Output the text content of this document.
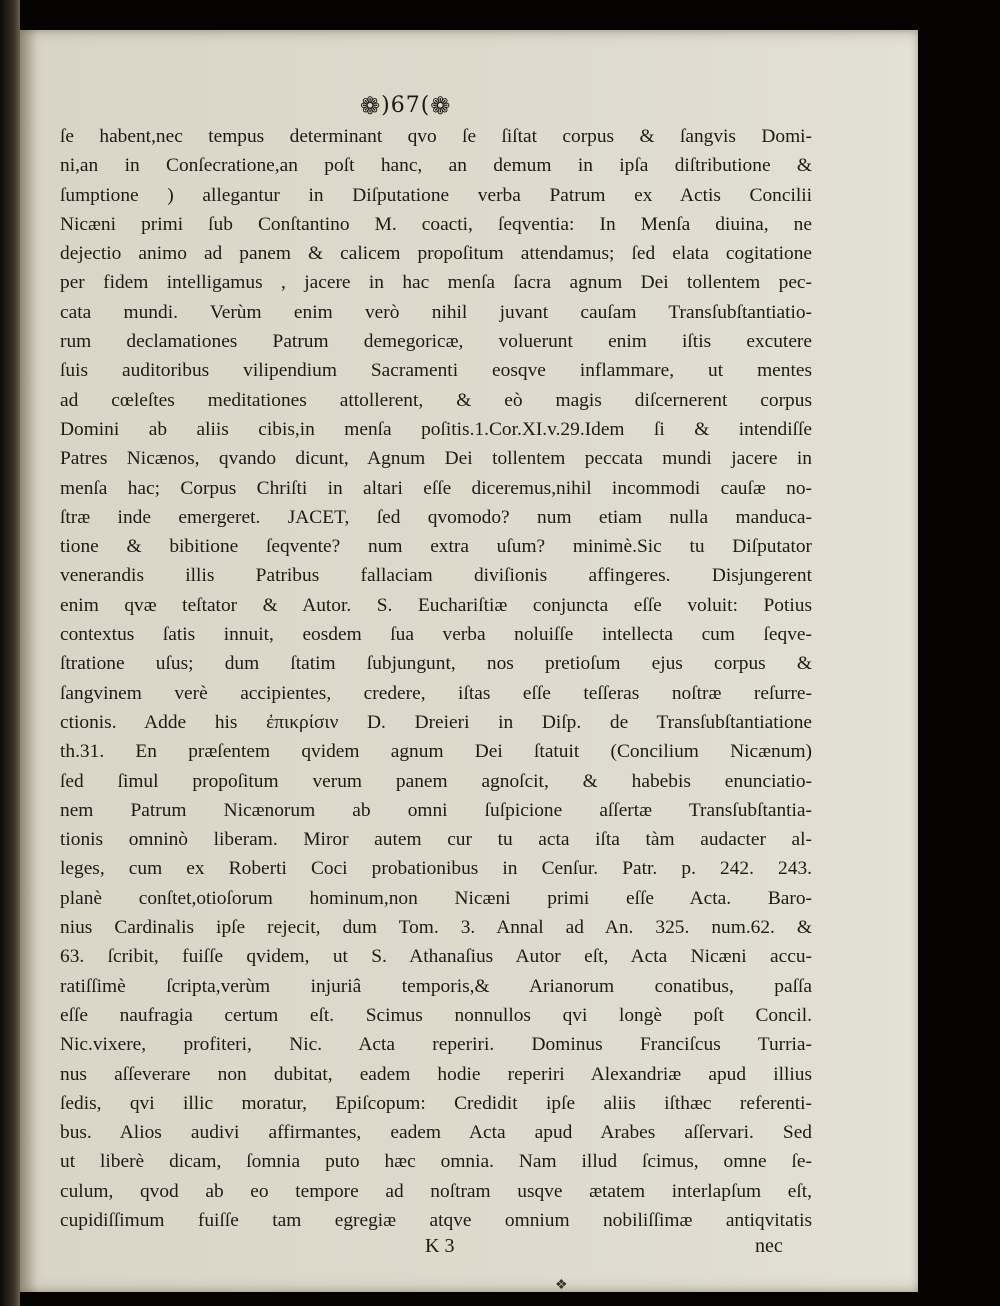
❁)67(❁
ſe habent,nec tempus determinant qvo ſe ſiſtat corpus & ſangvis Domi-
ni,an in Conſecratione,an poſt hanc, an demum in ipſa diſtributione &
ſumptione ) allegantur in Diſputatione verba Patrum ex Actis Concilii
Nicæni primi ſub Conſtantino M. coacti, ſeqventia: In Menſa diuina, ne
dejectio animo ad panem & calicem propoſitum attendamus; ſed elata cogitatione
per fidem intelligamus , jacere in hac menſa ſacra agnum Dei tollentem pec-
cata mundi. Verùm enim verò nihil juvant cauſam Transſubſtantiatio-
rum declamationes Patrum demegoricæ, voluerunt enim iſtis excutere
ſuis auditoribus vilipendium Sacramenti eosqve inflammare, ut mentes
ad cœleſtes meditationes attollerent, & eò magis diſcernerent corpus
Domini ab aliis cibis,in menſa poſitis.1.Cor.XI.v.29.Idem ſi & intendiſſe
Patres Nicænos, qvando dicunt, Agnum Dei tollentem peccata mundi jacere in
menſa hac; Corpus Chriſti in altari eſſe diceremus,nihil incommodi cauſæ no-
ſtræ inde emergeret. JACET, ſed qvomodo? num etiam nulla manduca-
tione & bibitione ſeqvente? num extra uſum? minimè.Sic tu Diſputator
venerandis illis Patribus fallaciam diviſionis affingeres. Disjungerent
enim qvæ teſtator & Autor. S. Euchariſtiæ conjuncta eſſe voluit: Potius
contextus ſatis innuit, eosdem ſua verba noluiſſe intellecta cum ſeqve-
ſtratione uſus; dum ſtatim ſubjungunt, nos pretioſum ejus corpus &
ſangvinem verè accipientes, credere, iſtas eſſe teſſeras noſtræ reſurre-
ctionis. Adde his ἐπικρίσιν D. Dreieri in Diſp. de Transſubſtantiatione
th.31. En præſentem qvidem agnum Dei ſtatuit (Concilium Nicænum)
ſed ſimul propoſitum verum panem agnoſcit, & habebis enunciatio-
nem Patrum Nicænorum ab omni ſuſpicione aſſertæ Transſubſtantia-
tionis omninò liberam. Miror autem cur tu acta iſta tàm audacter al-
leges, cum ex Roberti Coci probationibus in Cenſur. Patr. p. 242. 243.
planè conſtet,otioſorum hominum,non Nicæni primi eſſe Acta. Baro-
nius Cardinalis ipſe rejecit, dum Tom. 3. Annal ad An. 325. num.62. &
63. ſcribit, fuiſſe qvidem, ut S. Athanaſius Autor eſt, Acta Nicæni accu-
ratiſſimè ſcripta,verùm injuriâ temporis,& Arianorum conatibus, paſſa
eſſe naufragia certum eſt. Scimus nonnullos qvi longè poſt Concil.
Nic.vixere, profiteri, Nic. Acta reperiri. Dominus Franciſcus Turria-
nus aſſeverare non dubitat, eadem hodie reperiri Alexandriæ apud illius
ſedis, qvi illic moratur, Epiſcopum: Credidit ipſe aliis iſthæc referenti-
bus. Alios audivi affirmantes, eadem Acta apud Arabes aſſervari. Sed
ut liberè dicam, ſomnia puto hæc omnia. Nam illud ſcimus, omne ſe-
culum, qvod ab eo tempore ad noſtram usqve ætatem interlapſum eſt,
cupidiſſimum fuiſſe tam egregiæ atqve omnium nobiliſſimæ antiqvitatis
K 3	nec
❖
